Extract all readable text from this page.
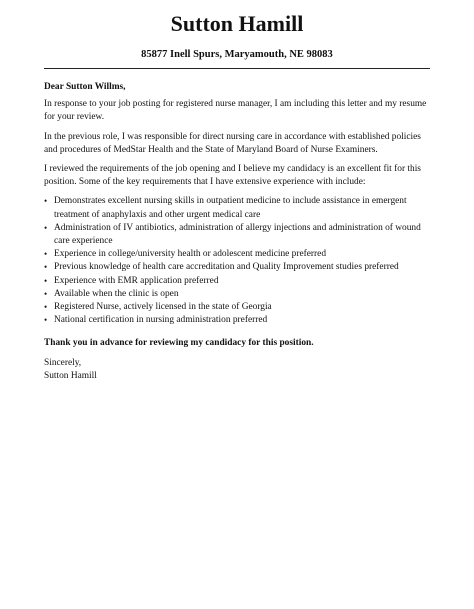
Sutton Hamill
85877 Inell Spurs, Maryamouth, NE 98083

Dear Sutton Willms,

In response to your job posting for registered nurse manager, I am including this letter and my resume for your review.

In the previous role, I was responsible for direct nursing care in accordance with established policies and procedures of MedStar Health and the State of Maryland Board of Nurse Examiners.

I reviewed the requirements of the job opening and I believe my candidacy is an excellent fit for this position. Some of the key requirements that I have extensive experience with include:

• Demonstrates excellent nursing skills in outpatient medicine to include assistance in emergent treatment of anaphylaxis and other urgent medical care
• Administration of IV antibiotics, administration of allergy injections and administration of wound care experience
• Experience in college/university health or adolescent medicine preferred
• Previous knowledge of health care accreditation and Quality Improvement studies preferred
• Experience with EMR application preferred
• Available when the clinic is open
• Registered Nurse, actively licensed in the state of Georgia
• National certification in nursing administration preferred

Thank you in advance for reviewing my candidacy for this position.

Sincerely,

Sutton Hamill
